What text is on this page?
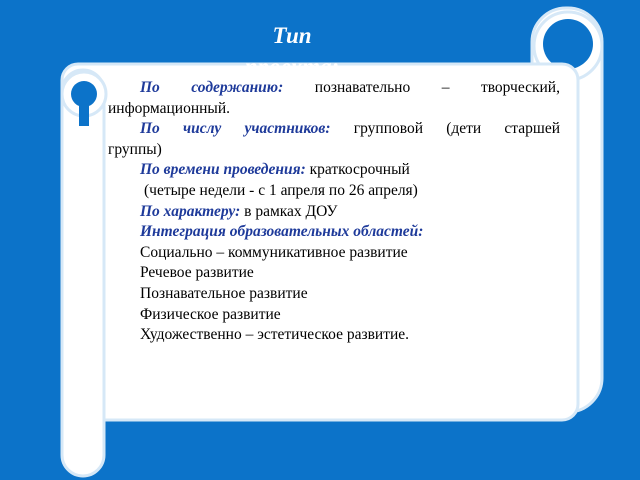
Тип проекта:

По содержанию: познавательно – творческий,

информационный.

По числу участников: групповой (дети старшей

группы)

По времени проведения: краткосрочный

(четыре недели - с 1 апреля по 26 апреля)

По характеру: в рамках ДОУ

Интеграция образовательных областей:

Социально – коммуникативное развитие

Речевое развитие

Познавательное развитие

Физическое развитие

Художественно – эстетическое развитие.
